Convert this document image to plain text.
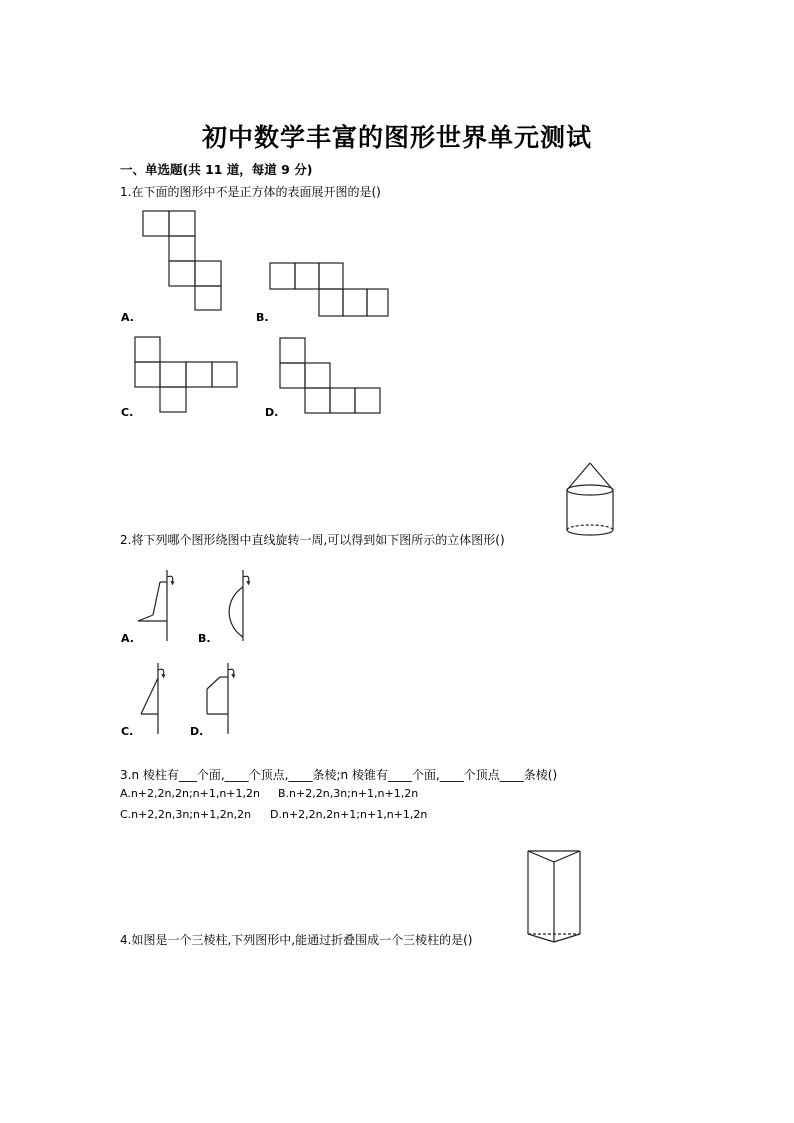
初中数学丰富的图形世界单元测试
一、单选题(共 11 道，每道 9 分)
1.在下面的图形中不是正方体的表面展开图的是()
A.	B.
C.	D.
2.将下列哪个图形绕图中直线旋转一周,可以得到如下图所示的立体图形()
A.	B.
C.	D.
3.n 棱柱有___个面,____个顶点,____条棱;n 棱锥有____个面,____个顶点____条棱()
A.n+2,2n,2n;n+1,n+1,2n B.n+2,2n,3n;n+1,n+1,2n
C.n+2,2n,3n;n+1,2n,2n D.n+2,2n,2n+1;n+1,n+1,2n
4.如图是一个三棱柱,下列图形中,能通过折叠围成一个三棱柱的是()
